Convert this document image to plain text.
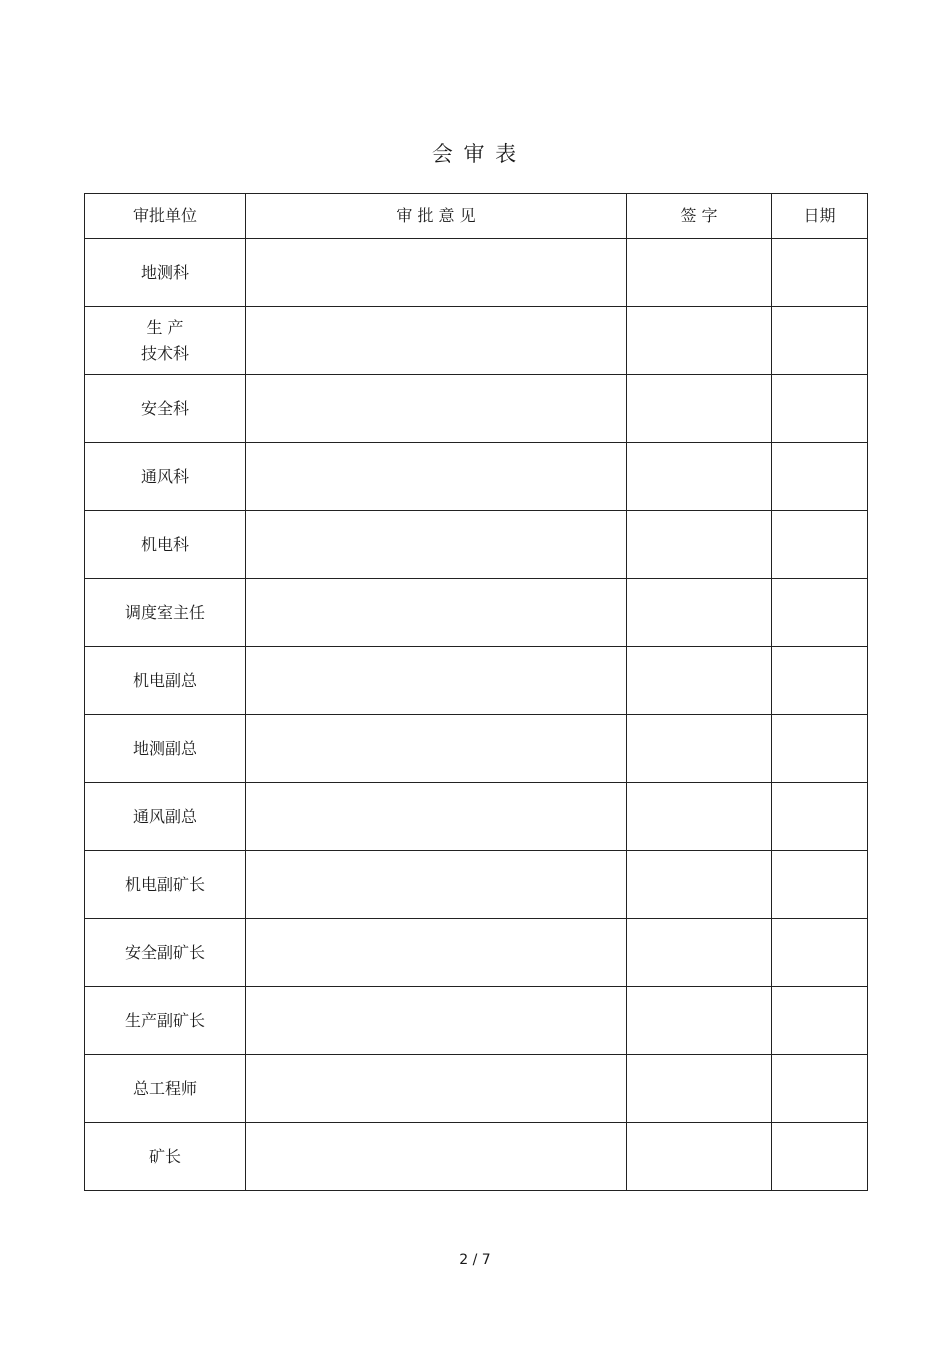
会 审 表
审批单位	审 批 意 见	签 字	日期
地测科			
生 产
技术科			
安全科			
通风科			
机电科			
调度室主任			
机电副总			
地测副总			
通风副总			
机电副矿长			
安全副矿长			
生产副矿长			
总工程师			
矿长			
2 / 7
